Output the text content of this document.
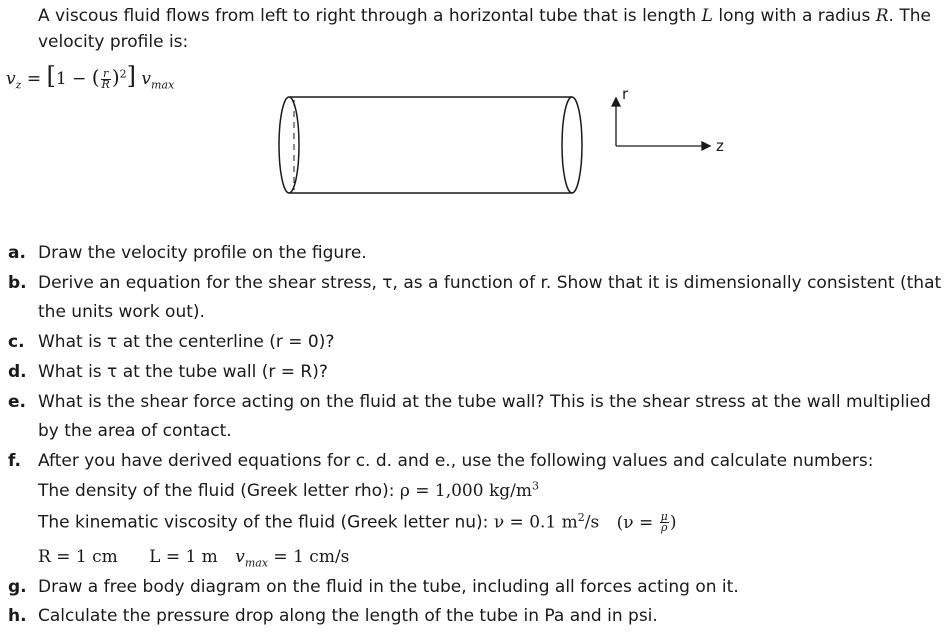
A viscous fluid flows from left to right through a horizontal tube that is length L long with a radius R. The
velocity profile is:
$v_z = [1$ − ( $\frac{r}{R} )^2$] $v_{max}$
r
z
a. Draw the velocity profile on the figure.
b. Derive an equation for the shear stress, τ, as a function of r. Show that it is dimensionally consistent (that
the units work out).
c. What is τ at the centerline (r = 0)?
d. What is τ at the tube wall (r = R)?
e. What is the shear force acting on the fluid at the tube wall? This is the shear stress at the wall multiplied
by the area of contact.
f. After you have derived equations for c. d. and e., use the following values and calculate numbers:
The density of the fluid (Greek letter rho): ρ = 1,000 $kg/m^3$
The kinematic viscosity of the fluid (Greek letter nu): ν = 0.1 $m^2/s$ ($\nu = \frac{\mu}{\rho}$ )
R = 1 cm L = 1 m $v_{max} = 1$ cm/s
g. Draw a free body diagram on the fluid in the tube, including all forces acting on it.
h. Calculate the pressure drop along the length of the tube in Pa and in psi.
